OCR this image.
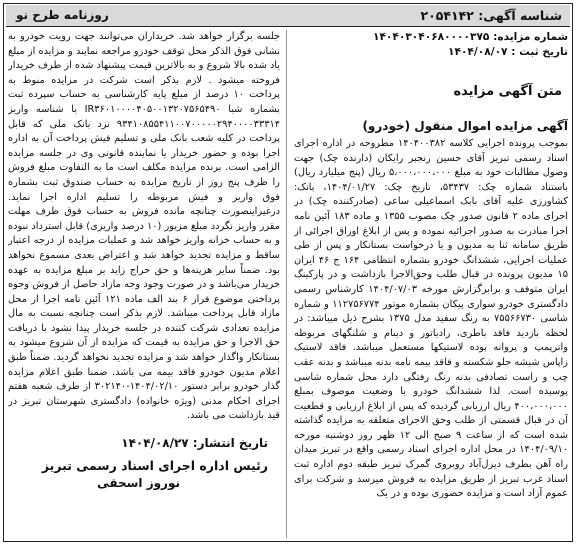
شناسه آگهی: ۲۰۵۴۱۴۲
روزنامه طرح نو
شماره مزایده: ۱۴۰۴۰۳۰۴۰۶۸۰۰۰۰۳۷۵
تاریخ ثبت : ۱۴۰۴/۰۸/۰۷
متن آگهی مزایده
آگهی مزایده اموال منقول (خودرو)
بموجب پرونده اجرایی کلاسه ۱۴۰۴۰۰۳۸۲ مطروحه در اداره اجرای اسناد رسمی تبریز آقای حسین رنجبر رایکان (دارنده چک) جهت وصول مطالبات خود به مبلغ ۵،۰۰۰،۰۰۰،۰۰۰ ریال (پنج میلیارد ریال) باستناد شماره چک: ۵۳۴۳۷، تاریخ چک: ۱۴۰۴/۰۱/۲۷، بانک: کشاورزی علیه آقای بابک اسماعیلی ساعی (صادرکننده چک) در اجرای ماده ۲ قانون صدور چک مصوب ۱۳۵۵ و ماده ۱۸۳ آئین نامه اجرا مبادرت به صدور اجرائیه نموده و پس از ابلاغ اوراق اجرائی از طریق سامانه ثنا به مدیون و یا درخواست بستانکار و پس از طی عملیات اجرایی، ششدانگ خودرو بشماره انتظامی ۱۶۴ ج ۴۶ ایران ۱۵ مدیون پرونده در قبال طلب وحق‌الاجرا بازداشت و در پارکینگ ایران متوقف و برابرگزارش مورخه ۱۴۰۴/۰۷/۰۳ کارشناس رسمی دادگستری خودرو سواری پیکان بشماره موتور ۱۱۲۷۵۶۷۷۴ و شماره شاسی ۷۵۵۶۶۷۳۰ به رنگ سفید مدل ۱۳۷۵ بشرح ذیل میباشد: در لحظه بازدید فاقد باطری، رادیاتور و دینام و شلنگهای مربوطه واترپمپ و پروانه بوده لاستیکها مستعمل میباشد. فاقد لاستیک زاپاس شیشه جلو شکسته و فاقد بیمه نامه بدنه میباشد و بدنه عقب چپ و راست تصادفی بدنه رنگ رفتگی دارد محل شماره شاسی پوسیده است. لذا ششدانگ خودرو با وضعیت موصوف بمبلغ ۴۰۰،۰۰۰،۰۰۰ ریال ارزیابی گردیده که پس از ابلاغ ارزیابی و قطعیت آن در قبال قسمتی از طلب وحق الاجرای متعلقه به مزایده گذاشته شده است که از ساعت ۹ صبح الی ۱۲ ظهر روز دوشنبه مورخه ۱۴۰۴/۰۹/۱۰ در محل اداره اجرای اسناد رسمی واقع در تبریز میدان راه آهن بطرف دیزل‌آباد روبروی گمرک تبریز طبقه دوم اداره ثبت اسناد غرب تبریز از طریق مزایده به فروش میرسد و شرکت برای عموم آزاد است و مزایده حضوری بوده و در یک
جلسه برگزار خواهد شد. خریداران می‌توانند جهت رویت خودرو به نشانی فوق الذکر محل توقف خودرو مراجعه نمایند و مزایده از مبلغ یاد شده بالا شروع و به بالاترین قیمت پیشنهاد شده از طرف خریدار فروخته میشود . لازم بذکر است شرکت در مزایده منوط به پرداخت ۱۰ درصد از مبلغ پایه کارشناسی به حساب سپرده ثبت بشماره شبا IR۳۶۰۱۰۰۰۰۴۰۵۰۰۱۳۲۰۷۵۶۵۴۹۰ با شناسه واریز ۹۳۴۱۰۸۵۵۴۱۱۰۰۷۰۰۰۰۰۲۹۴۰۰۰۰۳۳۳۱۴ نزد بانک ملی که قابل پرداخت در کلیه شعب بانک ملی و تسلیم فیش پرداخت آن به اداره اجرا بوده و حضور خریدار یا نماینده قانونی وی در جلسه مزایده الزامی است. برنده مزایده مکلف است ما به التفاوت مبلغ فروش را ظرف پنج روز از تاریخ مزایده به حساب صندوق ثبت بشماره فوق واریز و فیش مربوطه را تسلیم اداره اجرا نماید. درغیراینصورت چنانچه مانده فروش به حساب فوق ظرف مهلت مقرر واریز نگردد مبلغ مزبور (۱۰ درصد واریزی) قابل استرداد نبوده و به حساب خزانه واریز خواهد شد و عملیات مزایده از درجه اعتبار ساقط و مزایده تجدید خواهد شد و اعتراض بعدی مسموع نخواهد بود. ضمناً سایر هزینه‌ها و حق حراج زاید بر مبلغ مزایده به عهده خریدار می‌باشد و در صورت وجود وجه مازاد حاصل از فروش وجوه پرداختی موضوع فراز ۶ بند الف ماده ۱۲۱ آئین نامه اجرا از محل مازاد قابل پرداخت میباشد. لازم بذکر است چنانچه نسبت به مال مزایده تعدادی شرکت کننده در جلسه خریدار پیدا نشود با دریافت حق الاجرا و حق مزایده به قیمت که مزایده از آن شروع میشود به بستانکار واگذار خواهد شد و مزایده تجدید نخواهد گردید. ضمناً طبق اعلام مدیون خودرو فاقد بیمه می باشد. ضمنا طبق اعلام مزایده گذار خودرو برابر دستور ۱۴۰۴/۰۲/۱۰-۳۰۲۱۴۰ از طرف شعبه هفتم اجرای احکام مدنی (ویژه خانواده) دادگستری شهرستان تبریز در قید بازداشت می باشد.
تاریخ انتشار: ۱۴۰۴/۰۸/۲۷
رئیس اداره اجرای اسناد رسمی تبریز
نوروز اسحقی
